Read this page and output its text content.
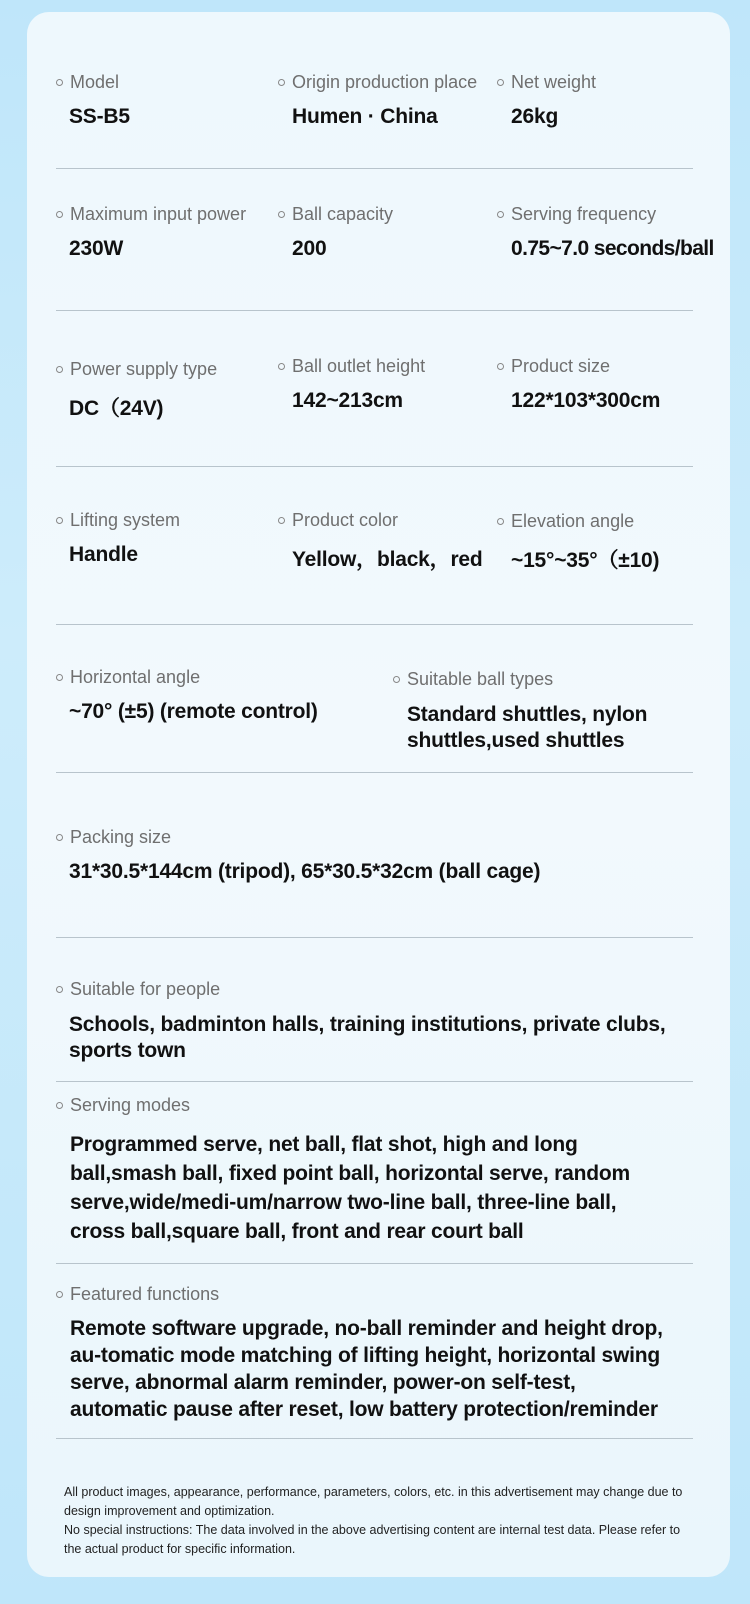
Model
SS-B5
Origin production place
Humen · China
Net weight
26kg
Maximum input power
230W
Ball capacity
200
Serving frequency
0.75~7.0 seconds/ball
Power supply type
DC（24V)
Ball outlet height
142~213cm
Product size
122*103*300cm
Lifting system
Handle
Product color
Yellow，black，red
Elevation angle
~15°~35°（±10)
Horizontal angle
~70° (±5) (remote control)
Suitable ball types
Standard shuttles, nylon shuttles,used shuttles
Packing size
31*30.5*144cm (tripod), 65*30.5*32cm (ball cage)
Suitable for people
Schools, badminton halls, training institutions, private clubs, sports town
Serving modes
Programmed serve, net ball, flat shot, high and long ball,smash ball, fixed point ball, horizontal serve, random serve,wide/medi-um/narrow two-line ball, three-line ball, cross ball,square ball, front and rear court ball
Featured functions
Remote software upgrade, no-ball reminder and height drop, au-tomatic mode matching of lifting height, horizontal swing serve, abnormal alarm reminder, power-on self-test, automatic pause after reset, low battery protection/reminder

All product images, appearance, performance, parameters, colors, etc. in this advertisement may change due to design improvement and optimization.

No special instructions: The data involved in the above advertising content are internal test data. Please refer to the actual product for specific information.
